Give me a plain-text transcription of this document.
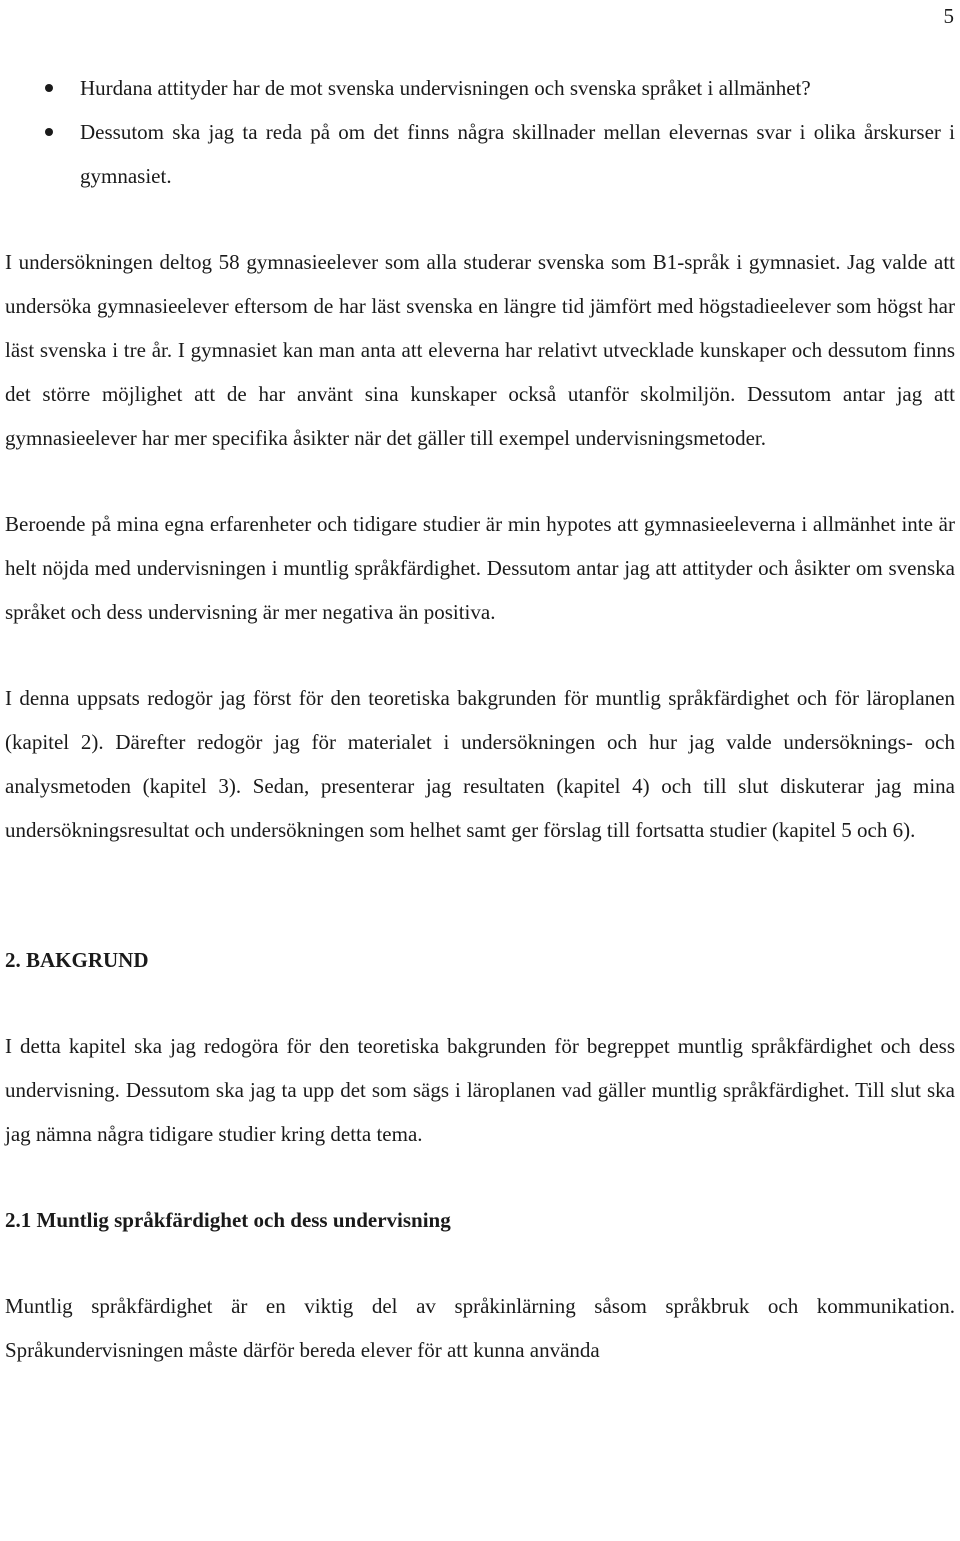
5
Hurdana attityder har de mot svenska undervisningen och svenska språket i allmänhet?
Dessutom ska jag ta reda på om det finns några skillnader mellan elevernas svar i olika årskurser i gymnasiet.

I undersökningen deltog 58 gymnasieelever som alla studerar svenska som B1-språk i gymnasiet. Jag valde att undersöka gymnasieelever eftersom de har läst svenska en längre tid jämfört med högstadieelever som högst har läst svenska i tre år. I gymnasiet kan man anta att eleverna har relativt utvecklade kunskaper och dessutom finns det större möjlighet att de har använt sina kunskaper också utanför skolmiljön. Dessutom antar jag att gymnasieelever har mer specifika åsikter när det gäller till exempel undervisningsmetoder.

Beroende på mina egna erfarenheter och tidigare studier är min hypotes att gymnasieeleverna i allmänhet inte är helt nöjda med undervisningen i muntlig språkfärdighet. Dessutom antar jag att attityder och åsikter om svenska språket och dess undervisning är mer negativa än positiva.

I denna uppsats redogör jag först för den teoretiska bakgrunden för muntlig språkfärdighet och för läroplanen (kapitel 2). Därefter redogör jag för materialet i undersökningen och hur jag valde undersöknings- och analysmetoden (kapitel 3). Sedan, presenterar jag resultaten (kapitel 4) och till slut diskuterar jag mina undersökningsresultat och undersökningen som helhet samt ger förslag till fortsatta studier (kapitel 5 och 6).

2. BAKGRUND

I detta kapitel ska jag redogöra för den teoretiska bakgrunden för begreppet muntlig språkfärdighet och dess undervisning. Dessutom ska jag ta upp det som sägs i läroplanen vad gäller muntlig språkfärdighet. Till slut ska jag nämna några tidigare studier kring detta tema.

2.1 Muntlig språkfärdighet och dess undervisning

Muntlig språkfärdighet är en viktig del av språkinlärning såsom språkbruk och kommunikation. Språkundervisningen måste därför bereda elever för att kunna använda
